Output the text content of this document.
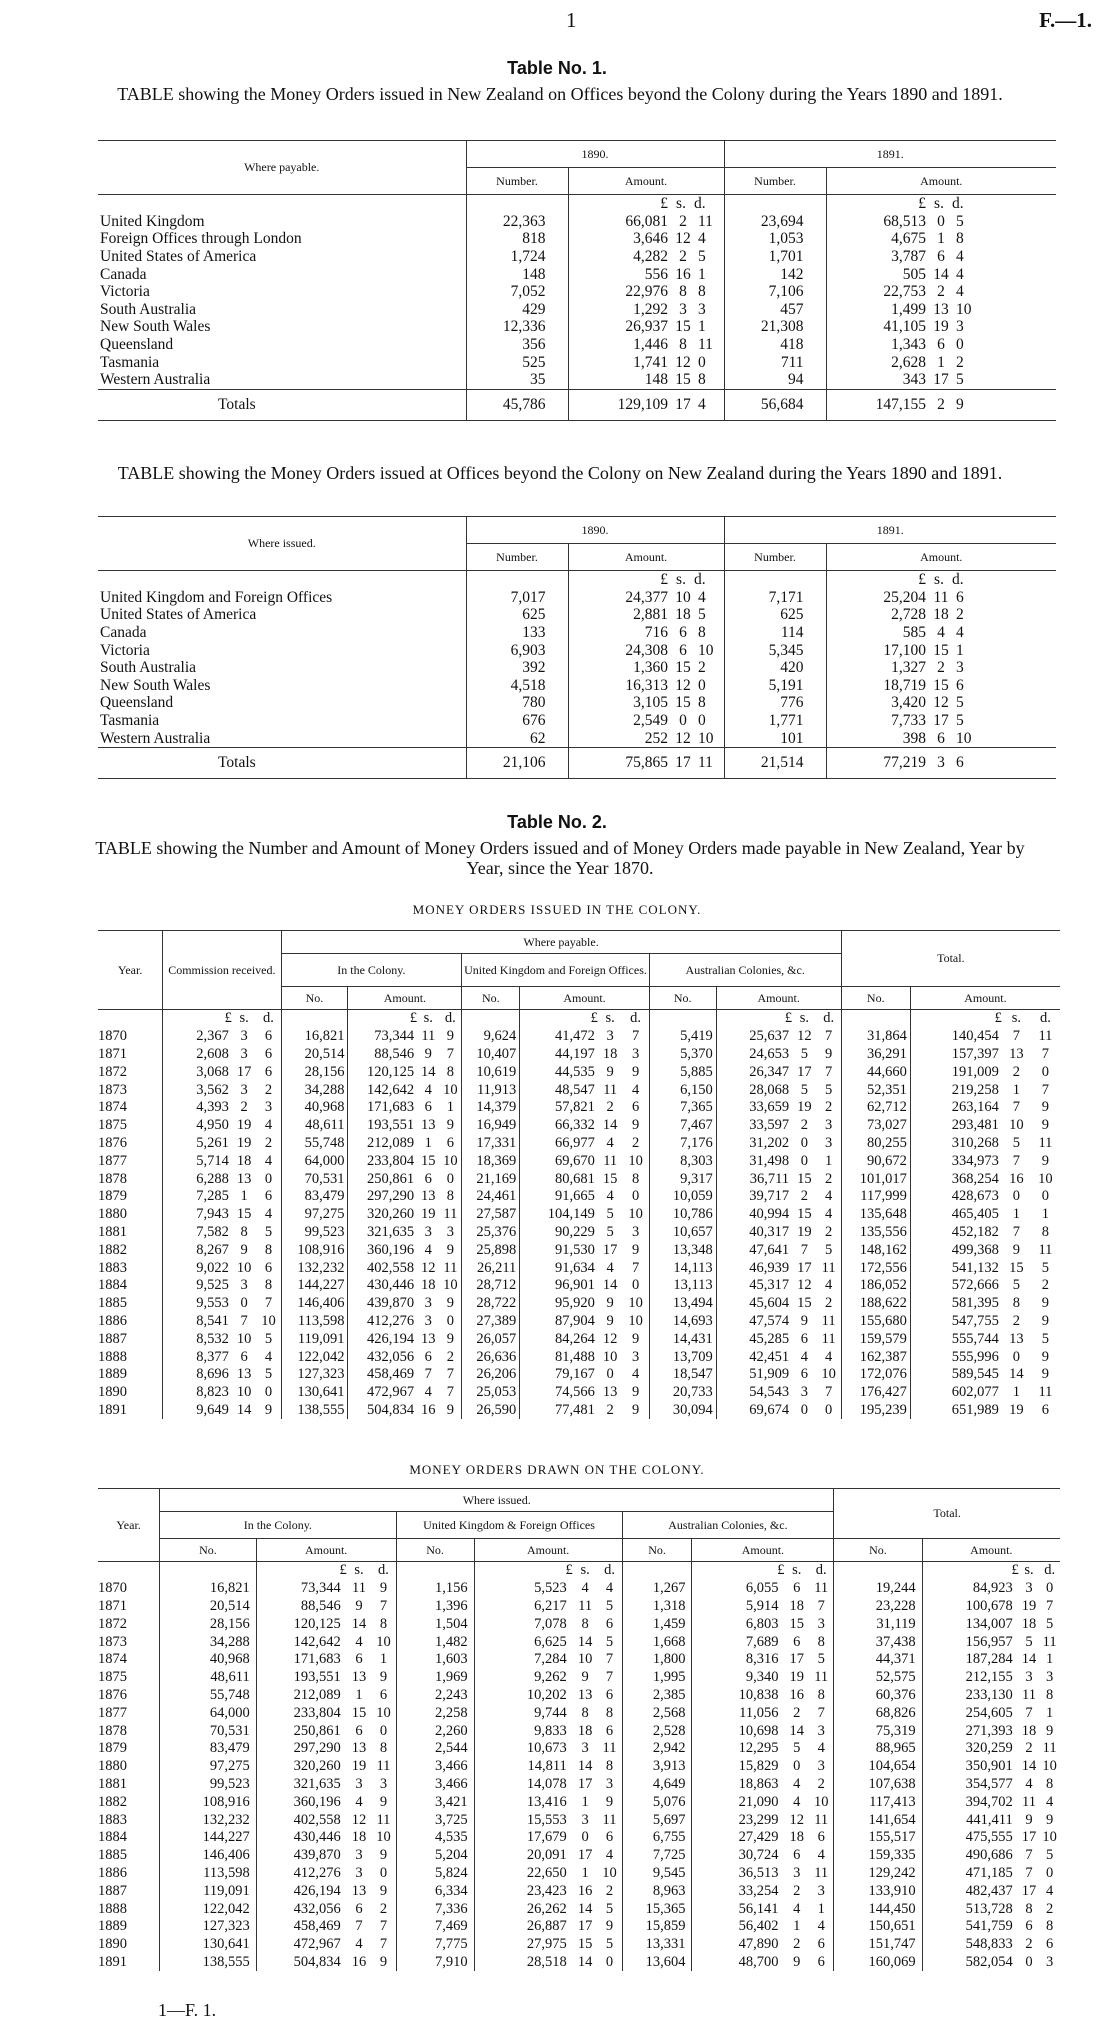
1	F.—1.
Table No. 1.
TABLE showing the Money Orders issued in New Zealand on Offices beyond the Colony during the Years 1890 and 1891.
Where payable.	1890.				1891.			
	Number.	Amount.			Number.	Amount.		
		£	s.	d.		£	s.	d.
United Kingdom	22,363	66,081	2	11	23,694	68,513	0	5
Foreign Offices through London	818	3,646	12	4	1,053	4,675	1	8
United States of America	1,724	4,282	2	5	1,701	3,787	6	4
Canada	148	556	16	1	142	505	14	4
Victoria	7,052	22,976	8	8	7,106	22,753	2	4
South Australia	429	1,292	3	3	457	1,499	13	10
New South Wales	12,336	26,937	15	1	21,308	41,105	19	3
Queensland	356	1,446	8	11	418	1,343	6	0
Tasmania	525	1,741	12	0	711	2,628	1	2
Western Australia	35	148	15	8	94	343	17	5
Totals	45,786	129,109	17	4	56,684	147,155	2	9
TABLE showing the Money Orders issued at Offices beyond the Colony on New Zealand during the Years 1890 and 1891.
Where issued.	1890.				1891.			
	Number.	Amount.			Number.	Amount.		
		£	s.	d.		£	s.	d.
United Kingdom and Foreign Offices	7,017	24,377	10	4	7,171	25,204	11	6
United States of America	625	2,881	18	5	625	2,728	18	2
Canada	133	716	6	8	114	585	4	4
Victoria	6,903	24,308	6	10	5,345	17,100	15	1
South Australia	392	1,360	15	2	420	1,327	2	3
New South Wales	4,518	16,313	12	0	5,191	18,719	15	6
Queensland	780	3,105	15	8	776	3,420	12	5
Tasmania	676	2,549	0	0	1,771	7,733	17	5
Western Australia	62	252	12	10	101	398	6	10
Totals	21,106	75,865	17	11	21,514	77,219	3	6
Table No. 2.
TABLE showing the Number and Amount of Money Orders issued and of Money Orders made payable in New Zealand, Year by Year, since the Year 1870.
MONEY ORDERS ISSUED IN THE COLONY.
Year.	Commission received.			Where payable.												Total.			
				In the Colony.				United Kingdom and Foreign Offices.				Australian Colonies, &c.							
				No.	Amount.			No.	Amount.			No.	Amount.			No.	Amount.		
	£	s.	d.		£	s.	d.		£	s.	d.		£	s.	d.		£	s.	d.
1870	2,367	3	6	16,821	73,344	11	9	9,624	41,472	3	7	5,419	25,637	12	7	31,864	140,454	7	11
1871	2,608	3	6	20,514	88,546	9	7	10,407	44,197	18	3	5,370	24,653	5	9	36,291	157,397	13	7
1872	3,068	17	6	28,156	120,125	14	8	10,619	44,535	9	9	5,885	26,347	17	7	44,660	191,009	2	0
1873	3,562	3	2	34,288	142,642	4	10	11,913	48,547	11	4	6,150	28,068	5	5	52,351	219,258	1	7
1874	4,393	2	3	40,968	171,683	6	1	14,379	57,821	2	6	7,365	33,659	19	2	62,712	263,164	7	9
1875	4,950	19	4	48,611	193,551	13	9	16,949	66,332	14	9	7,467	33,597	2	3	73,027	293,481	10	9
1876	5,261	19	2	55,748	212,089	1	6	17,331	66,977	4	2	7,176	31,202	0	3	80,255	310,268	5	11
1877	5,714	18	4	64,000	233,804	15	10	18,369	69,670	11	10	8,303	31,498	0	1	90,672	334,973	7	9
1878	6,288	13	0	70,531	250,861	6	0	21,169	80,681	15	8	9,317	36,711	15	2	101,017	368,254	16	10
1879	7,285	1	6	83,479	297,290	13	8	24,461	91,665	4	0	10,059	39,717	2	4	117,999	428,673	0	0
1880	7,943	15	4	97,275	320,260	19	11	27,587	104,149	5	10	10,786	40,994	15	4	135,648	465,405	1	1
1881	7,582	8	5	99,523	321,635	3	3	25,376	90,229	5	3	10,657	40,317	19	2	135,556	452,182	7	8
1882	8,267	9	8	108,916	360,196	4	9	25,898	91,530	17	9	13,348	47,641	7	5	148,162	499,368	9	11
1883	9,022	10	6	132,232	402,558	12	11	26,211	91,634	4	7	14,113	46,939	17	11	172,556	541,132	15	5
1884	9,525	3	8	144,227	430,446	18	10	28,712	96,901	14	0	13,113	45,317	12	4	186,052	572,666	5	2
1885	9,553	0	7	146,406	439,870	3	9	28,722	95,920	9	10	13,494	45,604	15	2	188,622	581,395	8	9
1886	8,541	7	10	113,598	412,276	3	0	27,389	87,904	9	10	14,693	47,574	9	11	155,680	547,755	2	9
1887	8,532	10	5	119,091	426,194	13	9	26,057	84,264	12	9	14,431	45,285	6	11	159,579	555,744	13	5
1888	8,377	6	4	122,042	432,056	6	2	26,636	81,488	10	3	13,709	42,451	4	4	162,387	555,996	0	9
1889	8,696	13	5	127,323	458,469	7	7	26,206	79,167	0	4	18,547	51,909	6	10	172,076	589,545	14	9
1890	8,823	10	0	130,641	472,967	4	7	25,053	74,566	13	9	20,733	54,543	3	7	176,427	602,077	1	11
1891	9,649	14	9	138,555	504,834	16	9	26,590	77,481	2	9	30,094	69,674	0	0	195,239	651,989	19	6
MONEY ORDERS DRAWN ON THE COLONY.
Year.	Where issued.												Total.			
	In the Colony.				United Kingdom & Foreign Offices				Australian Colonies, &c.							
	No.	Amount.			No.	Amount.			No.	Amount.			No.	Amount.		
		£	s.	d.		£	s.	d.		£	s.	d.		£	s.	d.
1870	16,821	73,344	11	9	1,156	5,523	4	4	1,267	6,055	6	11	19,244	84,923	3	0
1871	20,514	88,546	9	7	1,396	6,217	11	5	1,318	5,914	18	7	23,228	100,678	19	7
1872	28,156	120,125	14	8	1,504	7,078	8	6	1,459	6,803	15	3	31,119	134,007	18	5
1873	34,288	142,642	4	10	1,482	6,625	14	5	1,668	7,689	6	8	37,438	156,957	5	11
1874	40,968	171,683	6	1	1,603	7,284	10	7	1,800	8,316	17	5	44,371	187,284	14	1
1875	48,611	193,551	13	9	1,969	9,262	9	7	1,995	9,340	19	11	52,575	212,155	3	3
1876	55,748	212,089	1	6	2,243	10,202	13	6	2,385	10,838	16	8	60,376	233,130	11	8
1877	64,000	233,804	15	10	2,258	9,744	8	8	2,568	11,056	2	7	68,826	254,605	7	1
1878	70,531	250,861	6	0	2,260	9,833	18	6	2,528	10,698	14	3	75,319	271,393	18	9
1879	83,479	297,290	13	8	2,544	10,673	3	11	2,942	12,295	5	4	88,965	320,259	2	11
1880	97,275	320,260	19	11	3,466	14,811	14	8	3,913	15,829	0	3	104,654	350,901	14	10
1881	99,523	321,635	3	3	3,466	14,078	17	3	4,649	18,863	4	2	107,638	354,577	4	8
1882	108,916	360,196	4	9	3,421	13,416	1	9	5,076	21,090	4	10	117,413	394,702	11	4
1883	132,232	402,558	12	11	3,725	15,553	3	11	5,697	23,299	12	11	141,654	441,411	9	9
1884	144,227	430,446	18	10	4,535	17,679	0	6	6,755	27,429	18	6	155,517	475,555	17	10
1885	146,406	439,870	3	9	5,204	20,091	17	4	7,725	30,724	6	4	159,335	490,686	7	5
1886	113,598	412,276	3	0	5,824	22,650	1	10	9,545	36,513	3	11	129,242	471,185	7	0
1887	119,091	426,194	13	9	6,334	23,423	16	2	8,963	33,254	2	3	133,910	482,437	17	4
1888	122,042	432,056	6	2	7,336	26,262	14	5	15,365	56,141	4	1	144,450	513,728	8	2
1889	127,323	458,469	7	7	7,469	26,887	17	9	15,859	56,402	1	4	150,651	541,759	6	8
1890	130,641	472,967	4	7	7,775	27,975	15	5	13,331	47,890	2	6	151,747	548,833	2	6
1891	138,555	504,834	16	9	7,910	28,518	14	0	13,604	48,700	9	6	160,069	582,054	0	3
1—F. 1.
